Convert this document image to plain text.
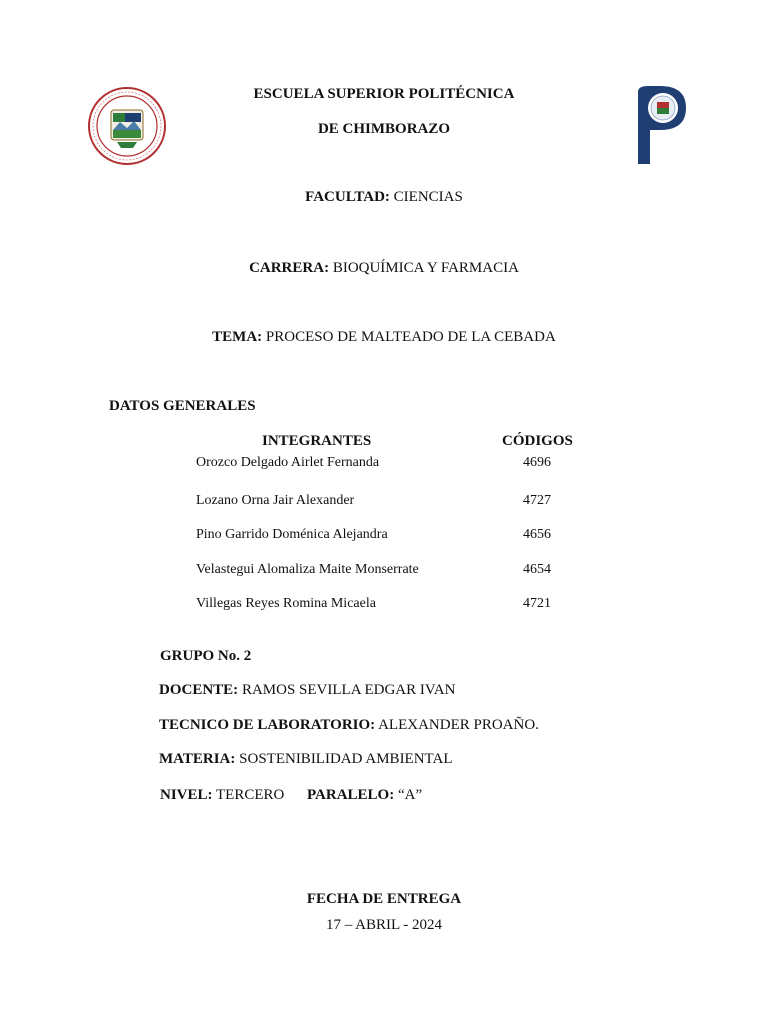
ESCUELA SUPERIOR POLITÉCNICA
DE CHIMBORAZO
FACULTAD: CIENCIAS
CARRERA: BIOQUÍMICA Y FARMACIA
TEMA: PROCESO DE MALTEADO DE LA CEBADA
DATOS GENERALES
INTEGRANTES	CÓDIGOS
Orozco Delgado Airlet Fernanda	4696
Lozano Orna Jair Alexander	4727
Pino Garrido Doménica Alejandra	4656
Velastegui Alomaliza Maite Monserrate	4654
Villegas Reyes Romina Micaela	4721
GRUPO No. 2
DOCENTE: RAMOS SEVILLA EDGAR IVAN
TECNICO DE LABORATORIO: ALEXANDER PROAÑO.
MATERIA: SOSTENIBILIDAD AMBIENTAL
NIVEL: TERCERO PARALELO: “A”
FECHA DE ENTREGA
17 – ABRIL - 2024
